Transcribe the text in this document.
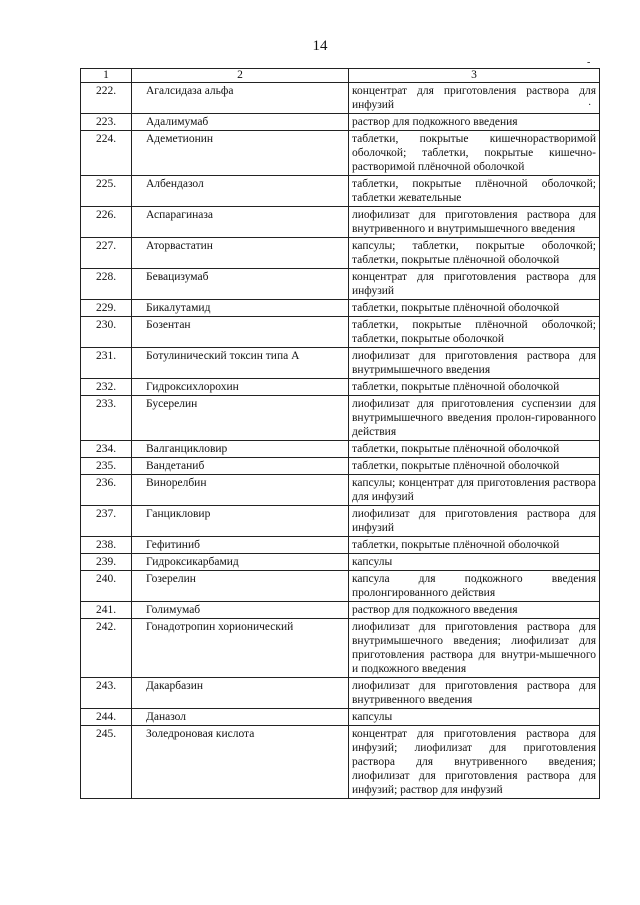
14
-
·
1	2	3
222.	Агалсидаза альфа	концентрат для приготовления раствора для инфузий
223.	Адалимумаб	раствор для подкожного введения
224.	Адеметионин	таблетки, покрытые кишечнорастворимой оболочкой; таблетки, покрытые кишечно-растворимой плёночной оболочкой
225.	Албендазол	таблетки, покрытые плёночной оболочкой; таблетки жевательные
226.	Аспарагиназа	лиофилизат для приготовления раствора для внутривенного и внутримышечного введения
227.	Аторвастатин	капсулы; таблетки, покрытые оболочкой; таблетки, покрытые плёночной оболочкой
228.	Бевацизумаб	концентрат для приготовления раствора для инфузий
229.	Бикалутамид	таблетки, покрытые плёночной оболочкой
230.	Бозентан	таблетки, покрытые плёночной оболочкой; таблетки, покрытые оболочкой
231.	Ботулинический токсин типа А	лиофилизат для приготовления раствора для внутримышечного введения
232.	Гидроксихлорохин	таблетки, покрытые плёночной оболочкой
233.	Бусерелин	лиофилизат для приготовления суспензии для внутримышечного введения пролон-гированного действия
234.	Валганцикловир	таблетки, покрытые плёночной оболочкой
235.	Вандетаниб	таблетки, покрытые плёночной оболочкой
236.	Винорелбин	капсулы; концентрат для приготовления раствора для инфузий
237.	Ганцикловир	лиофилизат для приготовления раствора для инфузий
238.	Гефитиниб	таблетки, покрытые плёночной оболочкой
239.	Гидроксикарбамид	капсулы
240.	Гозерелин	капсула для подкожного введения пролонгированного действия
241.	Голимумаб	раствор для подкожного введения
242.	Гонадотропин хорионический	лиофилизат для приготовления раствора для внутримышечного введения; лиофилизат для приготовления раствора для внутри-мышечного и подкожного введения
243.	Дакарбазин	лиофилизат для приготовления раствора для внутривенного введения
244.	Даназол	капсулы
245.	Золедроновая кислота	концентрат для приготовления раствора для инфузий; лиофилизат для приготовления раствора для внутривенного введения; лиофилизат для приготовления раствора для инфузий; раствор для инфузий
